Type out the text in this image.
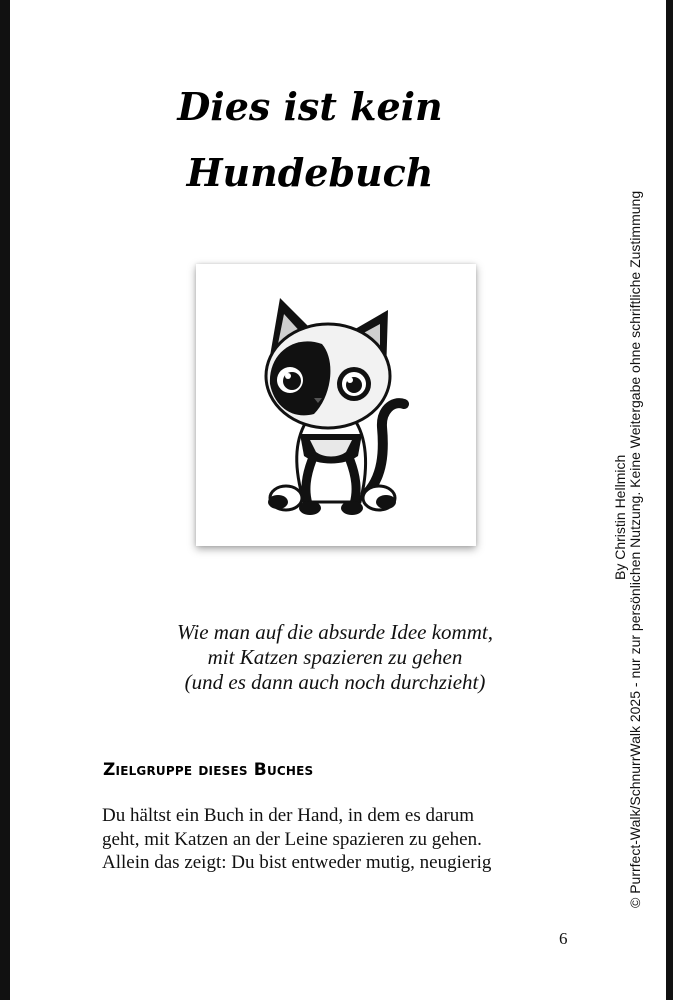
Dies ist kein
Hundebuch
Wie man auf die absurde Idee kommt,
mit Katzen spazieren zu gehen
(und es dann auch noch durchzieht)
Zielgruppe dieses Buches
Du hältst ein Buch in der Hand, in dem es darum
geht, mit Katzen an der Leine spazieren zu gehen.
Allein das zeigt: Du bist entweder mutig, neugierig
6
By Christin Hellmich © Purrfect-Walk/SchnurrWalk 2025 - nur zur persönlichen Nutzung. Keine Weitergabe ohne schriftliche Zustimmung
